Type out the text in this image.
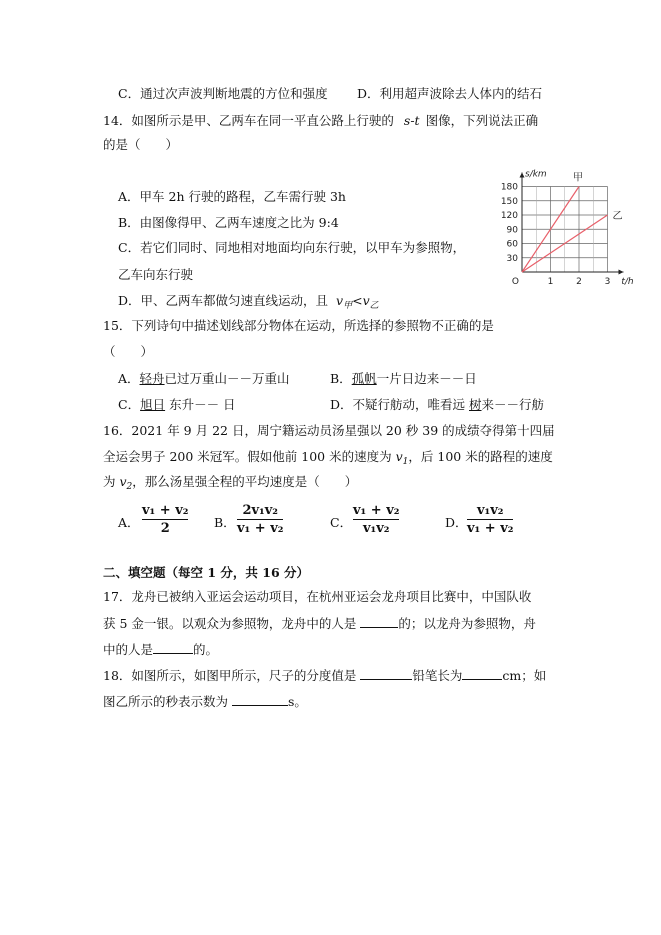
C．通过次声波判断地震的方位和强度 D．利用超声波除去人体内的结石
14．如图所示是甲、乙两车在同一平直公路上行驶的 s-t 图像，下列说法正确
的是（　　）
A．甲车 2h 行驶的路程，乙车需行驶 3h
B．由图像得甲、乙两车速度之比为 9:4
C．若它们同时、同地相对地面均向东行驶，以甲车为参照物，
乙车向东行驶
D．甲、乙两车都做匀速直线运动，且 $v_甲<v_乙$
30
60
90
120
150
180
1	2	3
O
s/km
t/h
甲
乙
15．下列诗句中描述划线部分物体在运动，所选择的参照物不正确的是
（　　）
A．轻舟已过万重山－－万重山	B．孤帆一片日边来－－日
C．旭日 东升－－ 日	D．不疑行舫动，唯看远 树来－－行舫
16．2021 年 9 月 22 日，周宁籍运动员汤星强以 20 秒 39 的成绩夺得第十四届
全运会男子 200 米冠军。假如他前 100 米的速度为 $v_1$，后 100 米的路程的速度
为 $v_2$，那么汤星强全程的平均速度是（　　）
A．
v₁ + v₂
2	B．
2v₁v₂
v₁ + v₂	C．
v₁ + v₂
v₁v₂	D．
v₁v₂
v₁ + v₂
二、填空题（每空 1 分，共 16 分）
17．龙舟已被纳入亚运会运动项目，在杭州亚运会龙舟项目比赛中，中国队收
获 5 金一银。以观众为参照物，龙舟中的人是	的；以龙舟为参照物，舟
中的人是	的。
18．如图所示，如图甲所示，尺子的分度值是	铅笔长为	cm；如
图乙所示的秒表示数为	s。
